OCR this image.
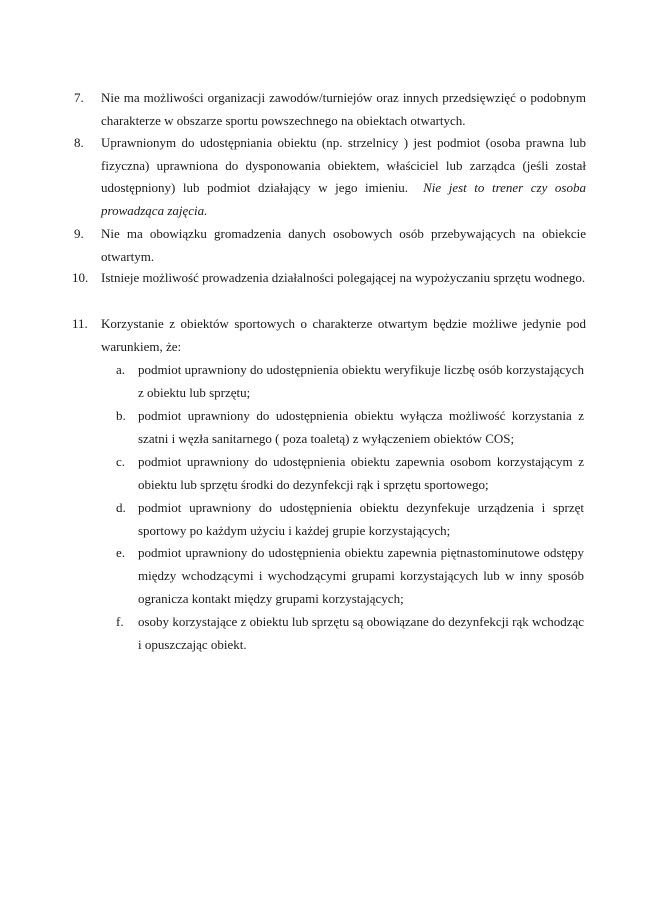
7. Nie ma możliwości organizacji zawodów/turniejów oraz innych przedsięwzięć o podobnym charakterze w obszarze sportu powszechnego na obiektach otwartych.
8. Uprawnionym do udostępniania obiektu (np. strzelnicy ) jest podmiot (osoba prawna lub fizyczna) uprawniona do dysponowania obiektem, właściciel lub zarządca (jeśli został udostępniony) lub podmiot działający w jego imieniu. Nie jest to trener czy osoba prowadząca zajęcia.
9. Nie ma obowiązku gromadzenia danych osobowych osób przebywających na obiekcie otwartym.
10. Istnieje możliwość prowadzenia działalności polegającej na wypożyczaniu sprzętu wodnego.
11. Korzystanie z obiektów sportowych o charakterze otwartym będzie możliwe jedynie pod warunkiem, że:
a. podmiot uprawniony do udostępnienia obiektu weryfikuje liczbę osób korzystających z obiektu lub sprzętu;
b. podmiot uprawniony do udostępnienia obiektu wyłącza możliwość korzystania z szatni i węzła sanitarnego ( poza toaletą) z wyłączeniem obiektów COS;
c. podmiot uprawniony do udostępnienia obiektu zapewnia osobom korzystającym z obiektu lub sprzętu środki do dezynfekcji rąk i sprzętu sportowego;
d. podmiot uprawniony do udostępnienia obiektu dezynfekuje urządzenia i sprzęt sportowy po każdym użyciu i każdej grupie korzystających;
e. podmiot uprawniony do udostępnienia obiektu zapewnia piętnastominutowe odstępy między wchodzącymi i wychodzącymi grupami korzystających lub w inny sposób ogranicza kontakt między grupami korzystających;
f. osoby korzystające z obiektu lub sprzętu są obowiązane do dezynfekcji rąk wchodząc i opuszczając obiekt.
